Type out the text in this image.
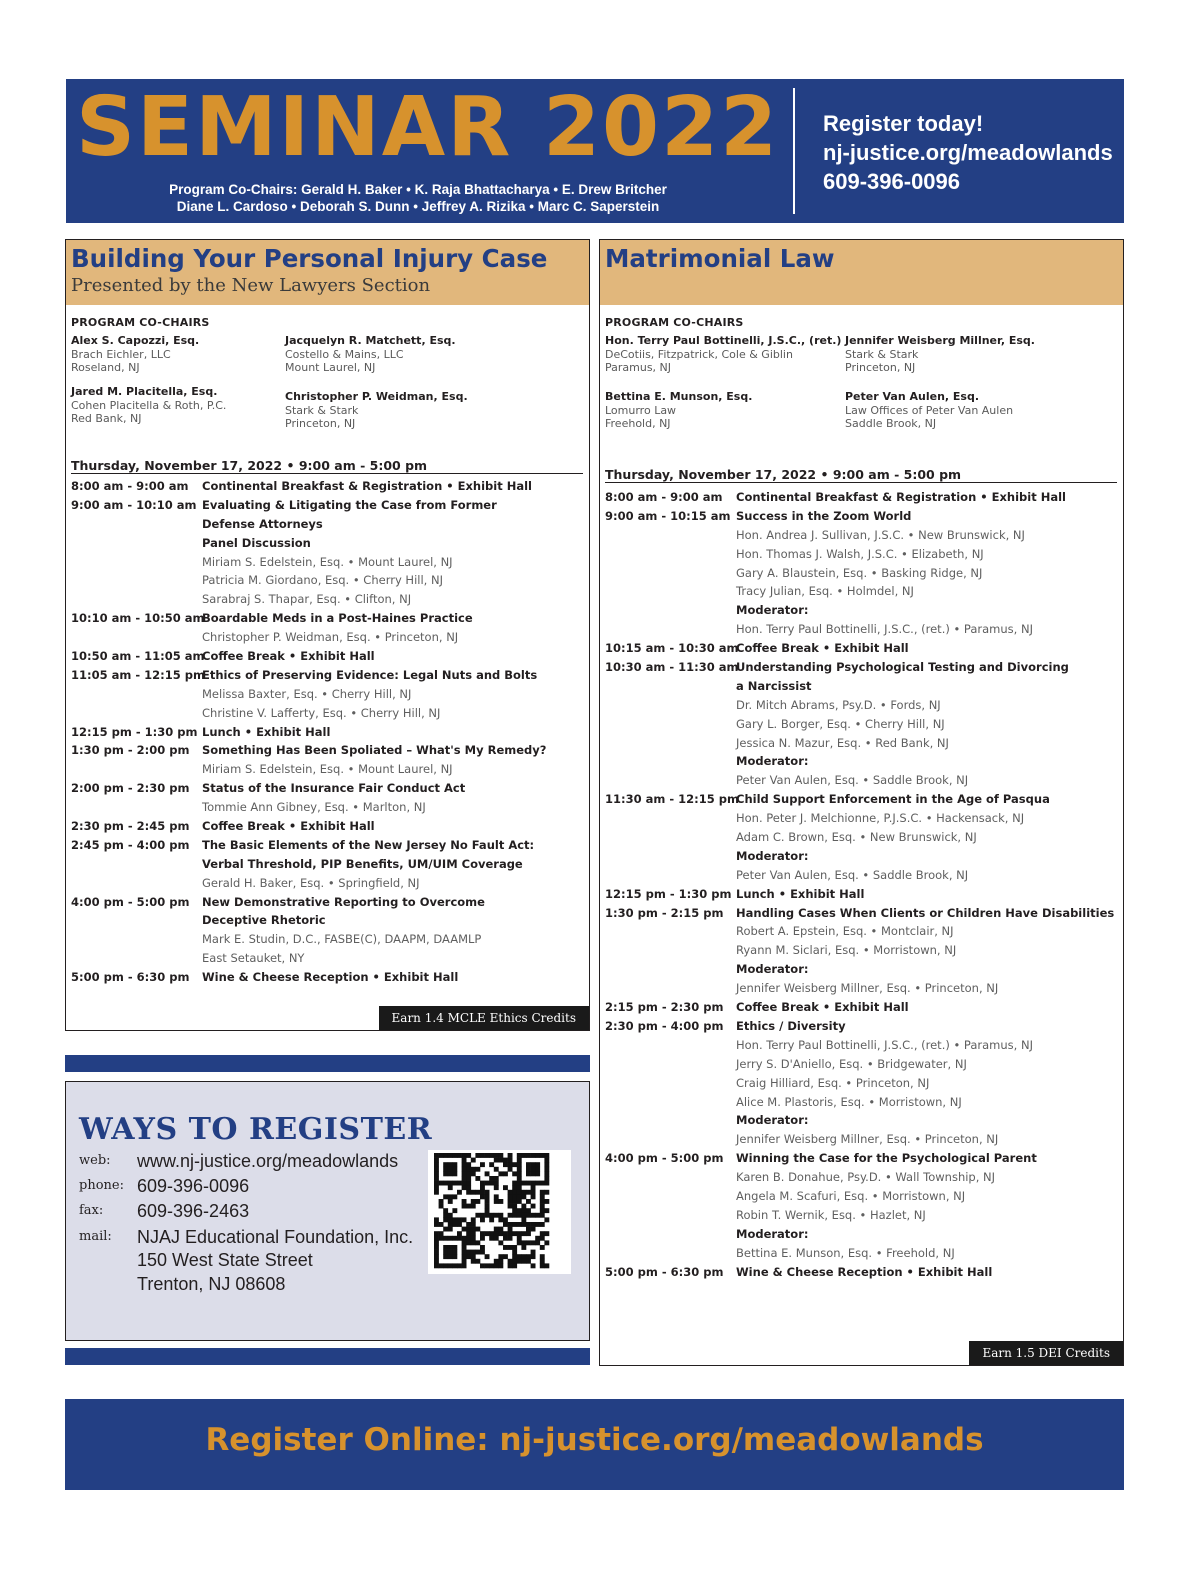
SEMINAR 2022
Program Co-Chairs: Gerald H. Baker • K. Raja Bhattacharya • E. Drew Britcher
Diane L. Cardoso • Deborah S. Dunn • Jeffrey A. Rizika • Marc C. Saperstein
Register today!
nj-justice.org/meadowlands
609-396-0096
Building Your Personal Injury Case
Presented by the New Lawyers Section
PROGRAM CO-CHAIRS
Alex S. Capozzi, Esq.
Brach Eichler, LLC
Roseland, NJ
Jacquelyn R. Matchett, Esq.
Costello & Mains, LLC
Mount Laurel, NJ
Jared M. Placitella, Esq.
Cohen Placitella & Roth, P.C.
Red Bank, NJ
Christopher P. Weidman, Esq.
Stark & Stark
Princeton, NJ
Thursday, November 17, 2022 • 9:00 am - 5:00 pm
8:00 am - 9:00 am Continental Breakfast & Registration • Exhibit Hall
9:00 am - 10:10 am Evaluating & Litigating the Case from Former
Defense Attorneys
Panel Discussion
Miriam S. Edelstein, Esq. • Mount Laurel, NJ
Patricia M. Giordano, Esq. • Cherry Hill, NJ
Sarabraj S. Thapar, Esq. • Clifton, NJ
10:10 am - 10:50 am
Boardable Meds in a Post-Haines Practice
Christopher P. Weidman, Esq. • Princeton, NJ
10:50 am - 11:05 am
Coffee Break • Exhibit Hall
11:05 am - 12:15 pm
Ethics of Preserving Evidence: Legal Nuts and Bolts
Melissa Baxter, Esq. • Cherry Hill, NJ
Christine V. Lafferty, Esq. • Cherry Hill, NJ
12:15 pm - 1:30 pm Lunch • Exhibit Hall
1:30 pm - 2:00 pm Something Has Been Spoliated – What's My Remedy?
Miriam S. Edelstein, Esq. • Mount Laurel, NJ
2:00 pm - 2:30 pm Status of the Insurance Fair Conduct Act
Tommie Ann Gibney, Esq. • Marlton, NJ
2:30 pm - 2:45 pm Coffee Break • Exhibit Hall
2:45 pm - 4:00 pm The Basic Elements of the New Jersey No Fault Act:
Verbal Threshold, PIP Benefits, UM/UIM Coverage
Gerald H. Baker, Esq. • Springfield, NJ
4:00 pm - 5:00 pm New Demonstrative Reporting to Overcome
Deceptive Rhetoric
Mark E. Studin, D.C., FASBE(C), DAAPM, DAAMLP
East Setauket, NY
5:00 pm - 6:30 pm Wine & Cheese Reception • Exhibit Hall
Earn 1.4 MCLE Ethics Credits
Matrimonial Law
PROGRAM CO-CHAIRS
Hon. Terry Paul Bottinelli, J.S.C., (ret.)
DeCotiis, Fitzpatrick, Cole & Giblin
Paramus, NJ
Jennifer Weisberg Millner, Esq.
Stark & Stark
Princeton, NJ
Bettina E. Munson, Esq.
Lomurro Law
Freehold, NJ
Peter Van Aulen, Esq.
Law Offices of Peter Van Aulen
Saddle Brook, NJ
Thursday, November 17, 2022 • 9:00 am - 5:00 pm
8:00 am - 9:00 am Continental Breakfast & Registration • Exhibit Hall
9:00 am - 10:15 am Success in the Zoom World
Hon. Andrea J. Sullivan, J.S.C. • New Brunswick, NJ
Hon. Thomas J. Walsh, J.S.C. • Elizabeth, NJ
Gary A. Blaustein, Esq. • Basking Ridge, NJ
Tracy Julian, Esq. • Holmdel, NJ
Moderator:
Hon. Terry Paul Bottinelli, J.S.C., (ret.) • Paramus, NJ
10:15 am - 10:30 am
Coffee Break • Exhibit Hall
10:30 am - 11:30 am
Understanding Psychological Testing and Divorcing
a Narcissist
Dr. Mitch Abrams, Psy.D. • Fords, NJ
Gary L. Borger, Esq. • Cherry Hill, NJ
Jessica N. Mazur, Esq. • Red Bank, NJ
Moderator:
Peter Van Aulen, Esq. • Saddle Brook, NJ
11:30 am - 12:15 pm
Child Support Enforcement in the Age of Pasqua
Hon. Peter J. Melchionne, P.J.S.C. • Hackensack, NJ
Adam C. Brown, Esq. • New Brunswick, NJ
Moderator:
Peter Van Aulen, Esq. • Saddle Brook, NJ
12:15 pm - 1:30 pm Lunch • Exhibit Hall
1:30 pm - 2:15 pm Handling Cases When Clients or Children Have Disabilities
Robert A. Epstein, Esq. • Montclair, NJ
Ryann M. Siclari, Esq. • Morristown, NJ
Moderator:
Jennifer Weisberg Millner, Esq. • Princeton, NJ
2:15 pm - 2:30 pm Coffee Break • Exhibit Hall
2:30 pm - 4:00 pm Ethics / Diversity
Hon. Terry Paul Bottinelli, J.S.C., (ret.) • Paramus, NJ
Jerry S. D'Aniello, Esq. • Bridgewater, NJ
Craig Hilliard, Esq. • Princeton, NJ
Alice M. Plastoris, Esq. • Morristown, NJ
Moderator:
Jennifer Weisberg Millner, Esq. • Princeton, NJ
4:00 pm - 5:00 pm Winning the Case for the Psychological Parent
Karen B. Donahue, Psy.D. • Wall Township, NJ
Angela M. Scafuri, Esq. • Morristown, NJ
Robin T. Wernik, Esq. • Hazlet, NJ
Moderator:
Bettina E. Munson, Esq. • Freehold, NJ
5:00 pm - 6:30 pm Wine & Cheese Reception • Exhibit Hall
Earn 1.5 DEI Credits
WAYS TO REGISTER
web: www.nj-justice.org/meadowlands
phone: 609-396-0096
fax: 609-396-2463
mail: NJAJ Educational Foundation, Inc.
150 West State Street
Trenton, NJ 08608
Register Online: nj-justice.org/meadowlands
